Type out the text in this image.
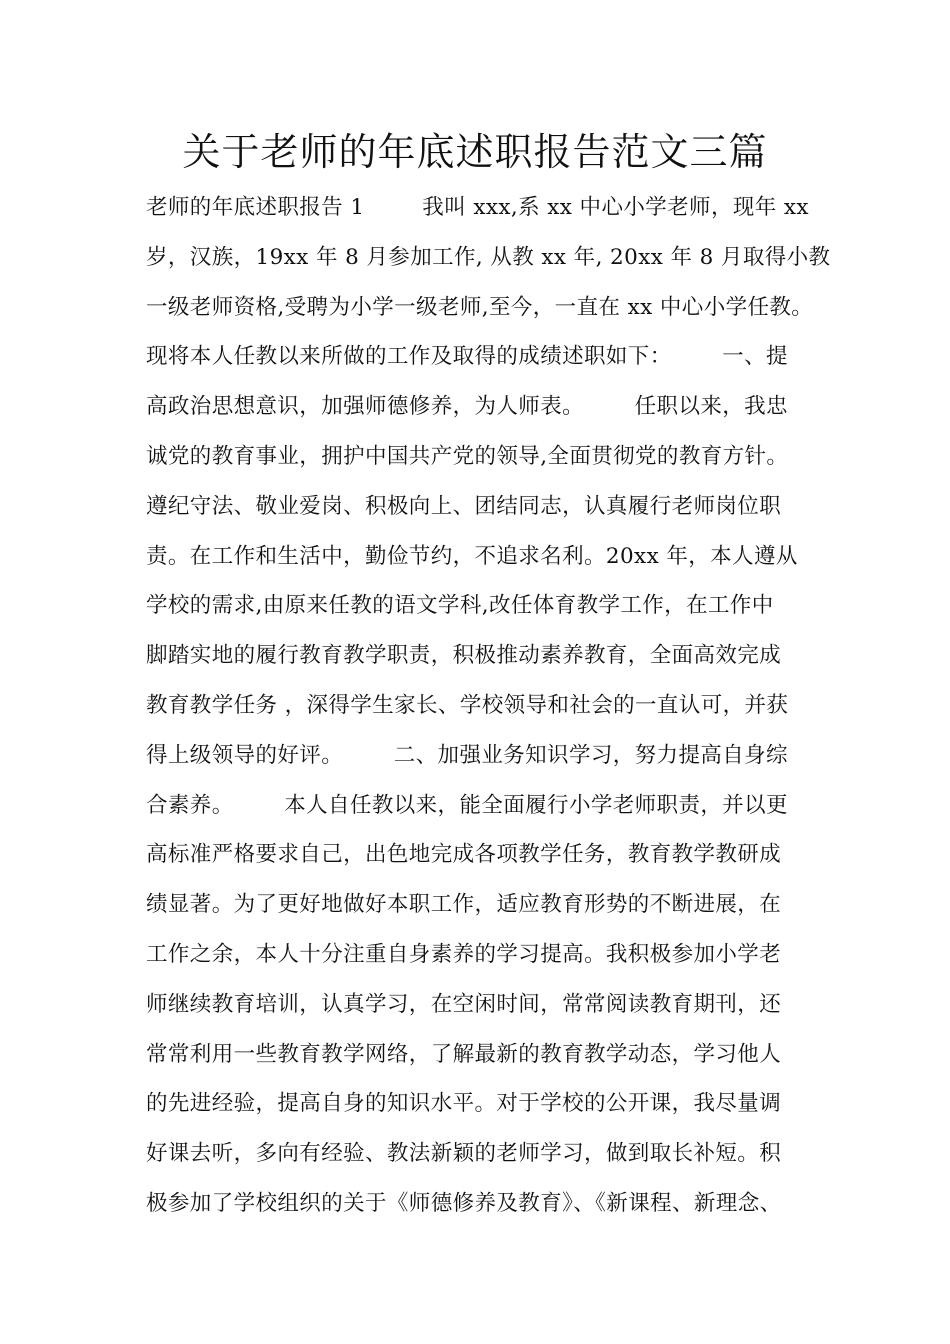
关于老师的年底述职报告范文三篇
老师的年底述职报告 1        我叫 xxx,系 xx 中心小学老师，现年 xx
岁，汉族，19xx 年 8 月参加工作, 从教 xx 年, 20xx 年 8 月取得小教
一级老师资格,受聘为小学一级老师,至今，一直在 xx 中心小学任教。
现将本人任教以来所做的工作及取得的成绩述职如下：       一、提
高政治思想意识，加强师德修养，为人师表。       任职以来，我忠
诚党的教育事业，拥护中国共产党的领导,全面贯彻党的教育方针。
遵纪守法、敬业爱岗、积极向上、团结同志，认真履行老师岗位职
责。在工作和生活中，勤俭节约，不追求名利。20xx 年，本人遵从
学校的需求,由原来任教的语文学科,改任体育教学工作，在工作中
脚踏实地的履行教育教学职责，积极推动素养教育，全面高效完成
教育教学任务 ，深得学生家长、学校领导和社会的一直认可，并获
得上级领导的好评。       二、加强业务知识学习，努力提高自身综
合素养。       本人自任教以来，能全面履行小学老师职责，并以更
高标准严格要求自己，出色地完成各项教学任务，教育教学教研成
绩显著。为了更好地做好本职工作，适应教育形势的不断进展，在
工作之余，本人十分注重自身素养的学习提高。我积极参加小学老
师继续教育培训，认真学习，在空闲时间，常常阅读教育期刊，还
常常利用一些教育教学网络，了解最新的教育教学动态，学习他人
的先进经验，提高自身的知识水平。对于学校的公开课，我尽量调
好课去听，多向有经验、教法新颖的老师学习，做到取长补短。积
极参加了学校组织的关于《师德修养及教育》、《新课程、新理念、
